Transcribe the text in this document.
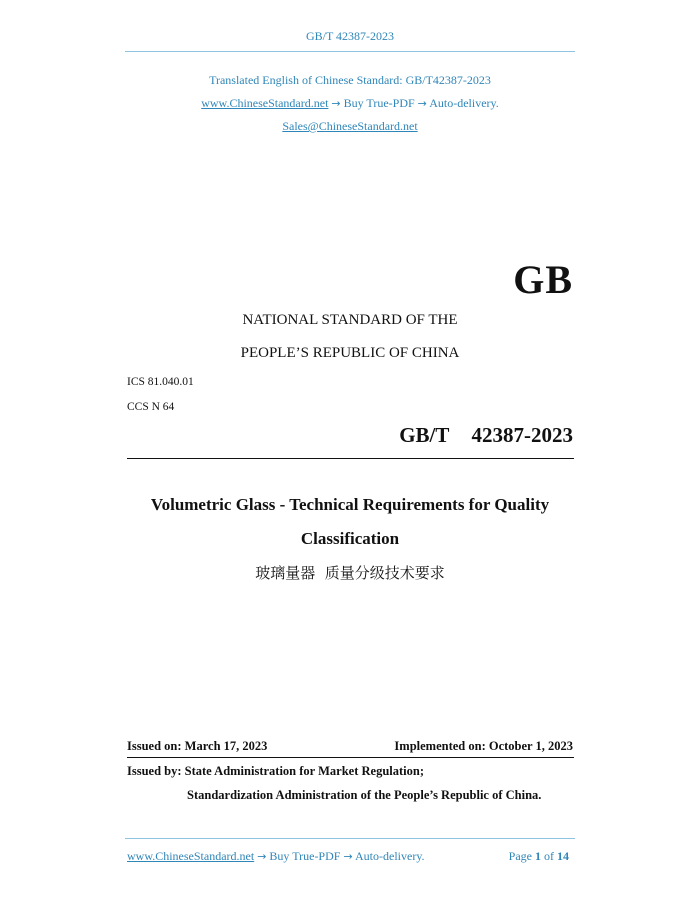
GB/T 42387-2023
Translated English of Chinese Standard: GB/T42387-2023
www.ChineseStandard.net → Buy True-PDF → Auto-delivery.
Sales@ChineseStandard.net
GB
NATIONAL STANDARD OF THE
PEOPLE’S REPUBLIC OF CHINA
ICS 81.040.01
CCS N 64
GB/T  42387-2023
Volumetric Glass - Technical Requirements for Quality
Classification
玻璃量器  质量分级技术要求
Issued on: March 17, 2023	Implemented on: October 1, 2023
Issued by: State Administration for Market Regulation;
Standardization Administration of the People’s Republic of China.
www.ChineseStandard.net → Buy True-PDF → Auto-delivery.	Page 1 of 14
